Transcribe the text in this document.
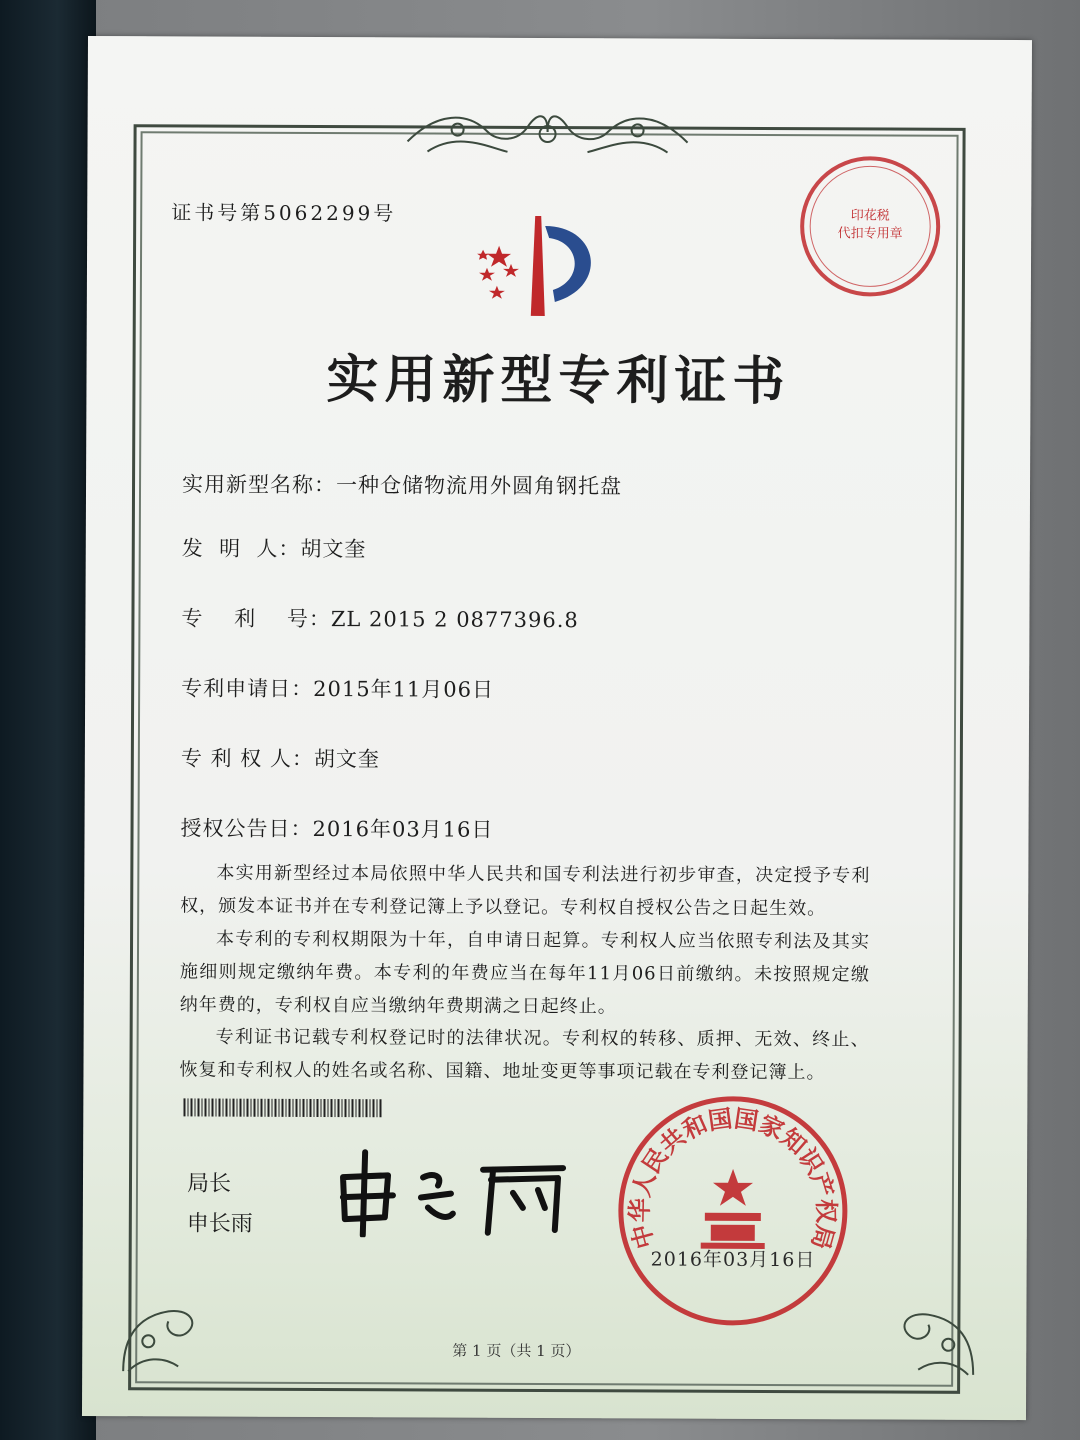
证书号第5062299号	印花税
代扣专用章
实用新型专利证书
实用新型名称：一种仓储物流用外圆角钢托盘
发  明  人：胡文奎
专    利    号：ZL 2015 2 0877396.8
专利申请日：2015年11月06日
专 利 权 人：胡文奎
授权公告日：2016年03月16日
本实用新型经过本局依照中华人民共和国专利法进行初步审查，决定授予专利权，颁发本证书并在专利登记簿上予以登记。专利权自授权公告之日起生效。
本专利的专利权期限为十年，自申请日起算。专利权人应当依照专利法及其实施细则规定缴纳年费。本专利的年费应当在每年11月06日前缴纳。未按照规定缴纳年费的，专利权自应当缴纳年费期满之日起终止。
专利证书记载专利权登记时的法律状况。专利权的转移、质押、无效、终止、恢复和专利权人的姓名或名称、国籍、地址变更等事项记载在专利登记簿上。
局长
申长雨	中华人民共和国国家知识产权局
2016年03月16日
第 1 页（共 1 页）
